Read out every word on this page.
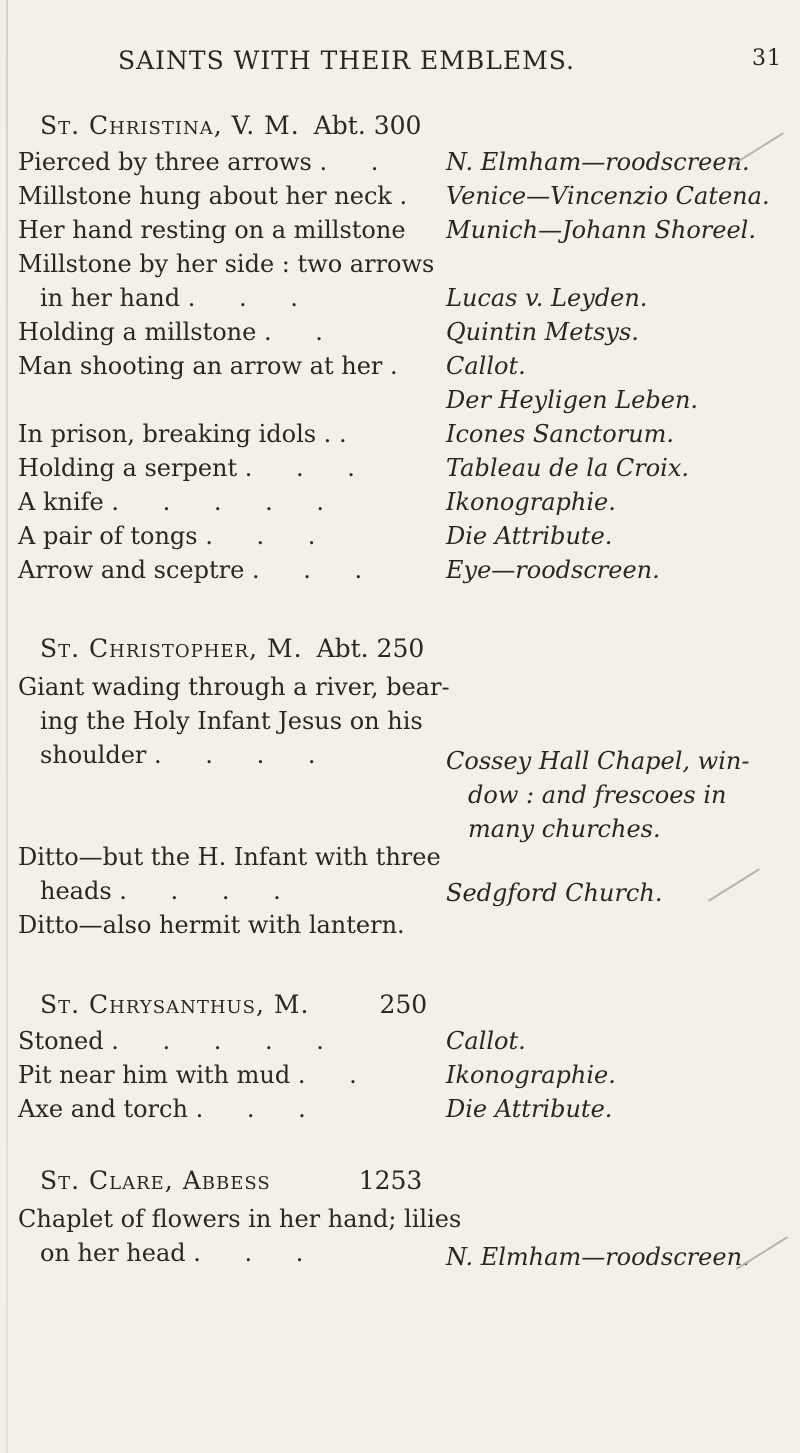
SAINTS WITH THEIR EMBLEMS.	31
St. Christina, V. M. Abt. 300
Pierced by three arrows . .	N. Elmham—roodscreen.
Millstone hung about her neck .	Venice—Vincenzio Catena.
Her hand resting on a millstone	Munich—Johann Shoreel.
Millstone by her side : two arrows
in her hand . . .	Lucas v. Leyden.
Holding a millstone . .	Quintin Metsys.
Man shooting an arrow at her .	Callot.
Der Heyligen Leben.
In prison, breaking idols . .	Icones Sanctorum.
Holding a serpent . . .	Tableau de la Croix.
A knife . . . . .	Ikonographie.
A pair of tongs . . .	Die Attribute.
Arrow and sceptre . . .	Eye—roodscreen.
St. Christopher, M. Abt. 250
Giant wading through a river, bear-
ing the Holy Infant Jesus on his
shoulder . . . .	Cossey Hall Chapel, win-
dow : and frescoes in
many churches.
Ditto—but the H. Infant with three
heads . . . .	Sedgford Church.
Ditto—also hermit with lantern.
St. Chrysanthus, M.	250
Stoned . . . . .	Callot.
Pit near him with mud . .	Ikonographie.
Axe and torch . . .	Die Attribute.
St. Clare, Abbess	1253
Chaplet of flowers in her hand; lilies
on her head . . .	N. Elmham—roodscreen.
